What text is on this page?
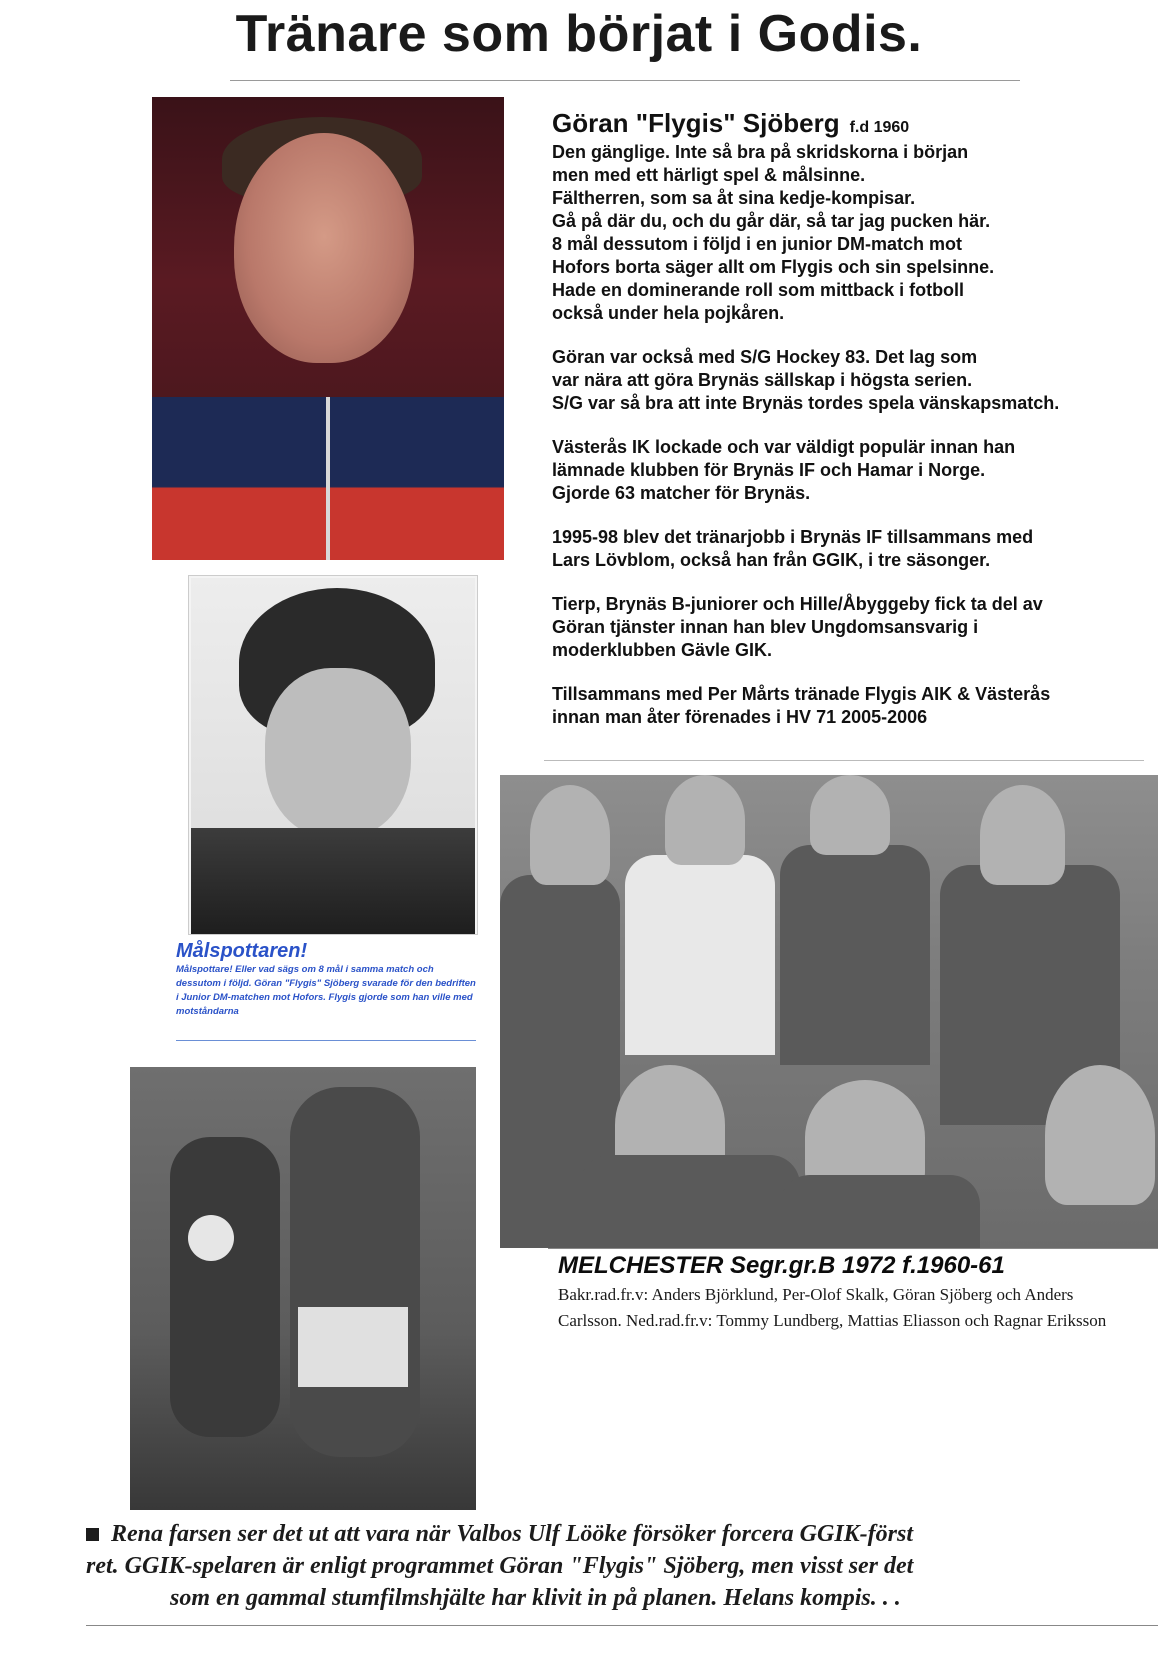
Tränare som börjat i Godis.
Göran "Flygis" Sjöberg f.d 1960

Den gänglige. Inte så bra på skridskorna i början
men med ett härligt spel & målsinne.
Fältherren, som sa åt sina kedje-kompisar.
Gå på där du, och du går där, så tar jag pucken här.
8 mål dessutom i följd i en junior DM-match mot
Hofors borta säger allt om Flygis och sin spelsinne.
Hade en dominerande roll som mittback i fotboll
också under hela pojkåren.

Göran var också med S/G Hockey 83. Det lag som
var nära att göra Brynäs sällskap i högsta serien.
S/G var så bra att inte Brynäs tordes spela vänskapsmatch.

Västerås IK lockade och var väldigt populär innan han
lämnade klubben för Brynäs IF och Hamar i Norge.
Gjorde 63 matcher för Brynäs.

1995-98 blev det tränarjobb i Brynäs IF tillsammans med
Lars Lövblom, också han från GGIK, i tre säsonger.

Tierp, Brynäs B-juniorer och Hille/Åbyggeby fick ta del av
Göran tjänster innan han blev Ungdomsansvarig i
moderklubben Gävle GIK.

Tillsammans med Per Mårts tränade Flygis AIK & Västerås
innan man åter förenades i HV 71 2005-2006

Målspottaren!
Målspottare! Eller vad sägs om 8 mål i samma match och dessutom i följd. Göran "Flygis" Sjöberg svarade för den bedriften i Junior DM-matchen mot Hofors. Flygis gjorde som han ville med motståndarna
MELCHESTER Segr.gr.B 1972 f.1960-61
Bakr.rad.fr.v: Anders Björklund, Per-Olof Skalk, Göran Sjöberg och Anders Carlsson. Ned.rad.fr.v: Tommy Lundberg, Mattias Eliasson och Ragnar Eriksson
Rena farsen ser det ut att vara när Valbos Ulf Lööke försöker forcera GGIK-först
ret. GGIK-spelaren är enligt programmet Göran "Flygis" Sjöberg, men visst ser det
som en gammal stumfilmshjälte har klivit in på planen. Helans kompis. . .
